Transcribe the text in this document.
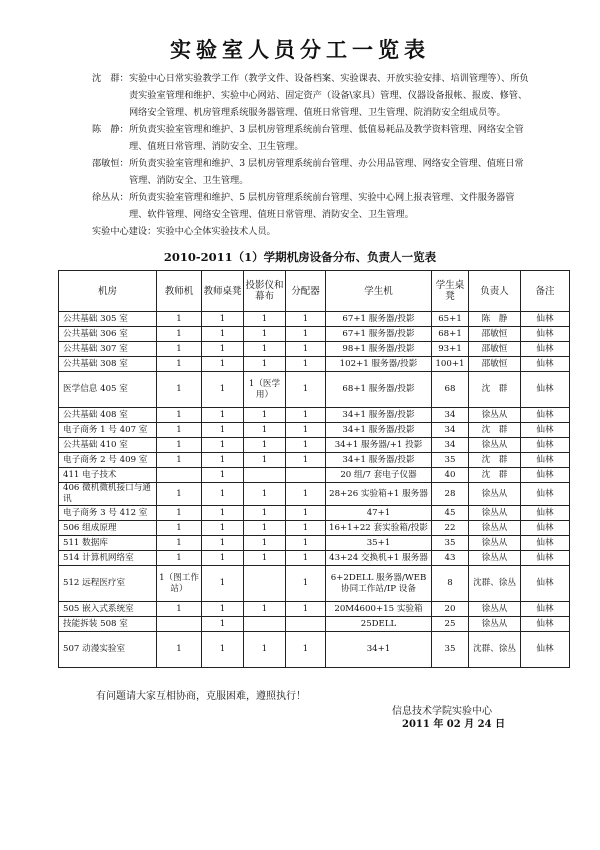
实验室人员分工一览表
沈　群： 实验中心日常实验教学工作（教学文件、设备档案、实验课表、开放实验安排、培训管理等）、所负责实验室管理和维护、实验中心网站、固定资产（设备\家具）管理、仪器设备报帐、报废、修管、网络安全管理、机房管理系统服务器管理、值班日常管理、卫生管理、院消防安全组成员等。
陈　静： 所负责实验室管理和维护、3 层机房管理系统前台管理、低值易耗品及教学资料管理、网络安全管理、值班日常管理、消防安全、卫生管理。
邵敏恒： 所负责实验室管理和维护、3 层机房管理系统前台管理、办公用品管理、网络安全管理、值班日常管理、消防安全、卫生管理。
徐丛从： 所负责实验室管理和维护、5 层机房管理系统前台管理、实验中心网上报表管理、文件服务器管理、软件管理、网络安全管理、值班日常管理、消防安全、卫生管理。
实验中心建设：实验中心全体实验技术人员。
2010-2011（1）学期机房设备分布、负责人一览表
机房	教师机	教师桌凳	投影仪和幕布	分配器	学生机	学生桌凳	负责人	备注
公共基础 305 室	1	1	1	1	67+1 服务器/投影	65+1	陈　静	仙林
公共基础 306 室	1	1	1	1	67+1 服务器/投影	68+1	邵敏恒	仙林
公共基础 307 室	1	1	1	1	98+1 服务器/投影	93+1	邵敏恒	仙林
公共基础 308 室	1	1	1	1	102+1 服务器/投影	100+1	邵敏恒	仙林
医学信息 405 室	1	1	1（医学用）	1	68+1 服务器/投影	68	沈　群	仙林
公共基础 408 室	1	1	1	1	34+1 服务器/投影	34	徐丛从	仙林
电子商务 1 号 407 室	1	1	1	1	34+1 服务器/投影	34	沈　群	仙林
公共基础 410 室	1	1	1	1	34+1 服务器/+1 投影	34	徐丛从	仙林
电子商务 2 号 409 室	1	1	1	1	34+1 服务器/投影	35	沈　群	仙林
411 电子技术		1			20 组/7 套电子仪器	40	沈　群	仙林
406 微机微机接口与通讯	1	1	1	1	28+26 实验箱+1 服务器	28	徐丛从	仙林
电子商务 3 号 412 室	1	1	1	1	47+1	45	徐丛从	仙林
506 组成原理	1	1	1	1	16+1+22 套实验箱/投影	22	徐丛从	仙林
511 数据库	1	1	1	1	35+1	35	徐丛从	仙林
514 计算机网络室	1	1	1	1	43+24 交换机+1 服务器	43	徐丛从	仙林
512 远程医疗室	1（图工作站）	1		1	6+2DELL 服务器/WEB 协同工作站/IP 设备	8	沈群、徐丛	仙林
505 嵌入式系统室	1	1	1	1	20M4600+15 实验箱	20	徐丛从	仙林
技能拆装 508 室		1			25DELL	25	徐丛从	仙林
507 动漫实验室	1	1	1	1	34+1	35	沈群、徐丛	仙林
有问题请大家互相协商，克服困难，遵照执行！
信息技术学院实验中心
2011 年 02 月 24 日
